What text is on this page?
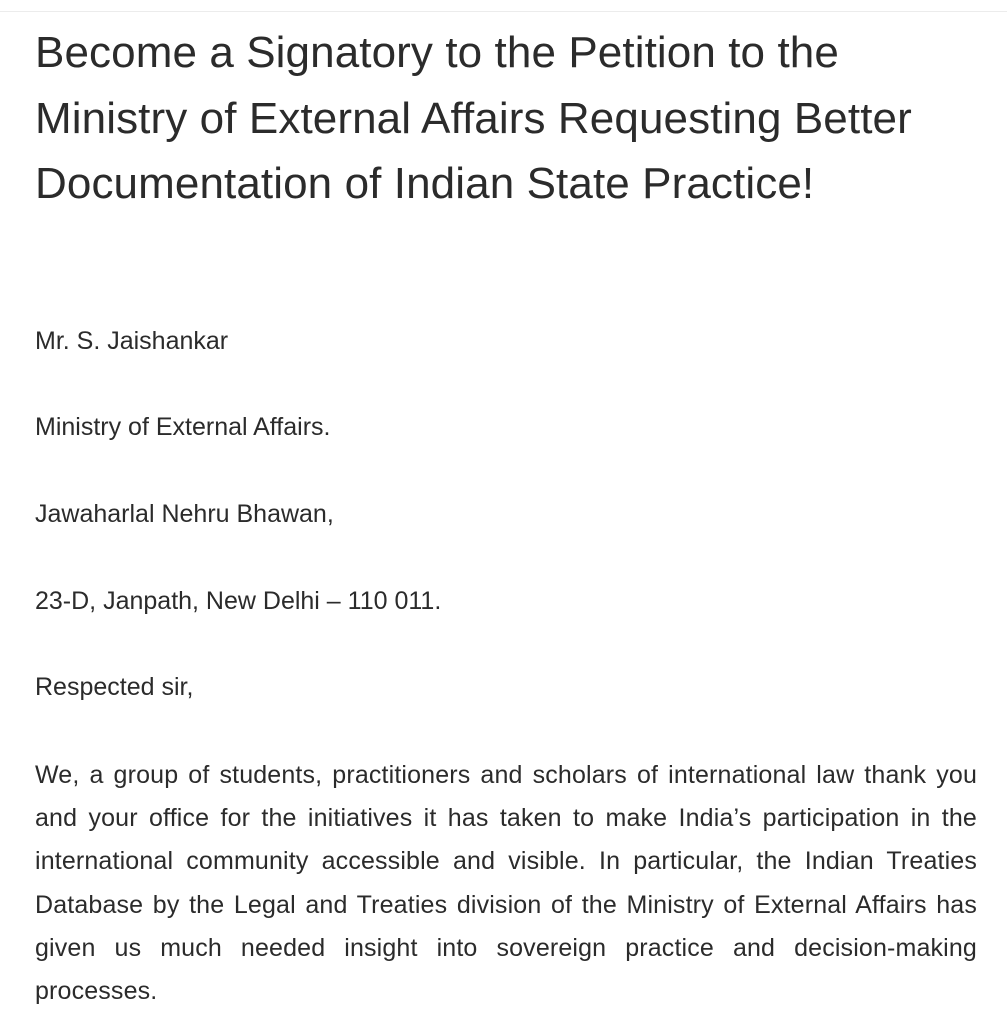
Become a Signatory to the Petition to the Ministry of External Affairs Requesting Better Documentation of Indian State Practice!

Mr. S. Jaishankar

Ministry of External Affairs.

Jawaharlal Nehru Bhawan,

23-D, Janpath, New Delhi – 110 011.

Respected sir,

We, a group of students, practitioners and scholars of international law thank you and your office for the initiatives it has taken to make India’s participation in the international community accessible and visible. In particular, the Indian Treaties Database by the Legal and Treaties division of the Ministry of External Affairs has given us much needed insight into sovereign practice and decision-making processes.
